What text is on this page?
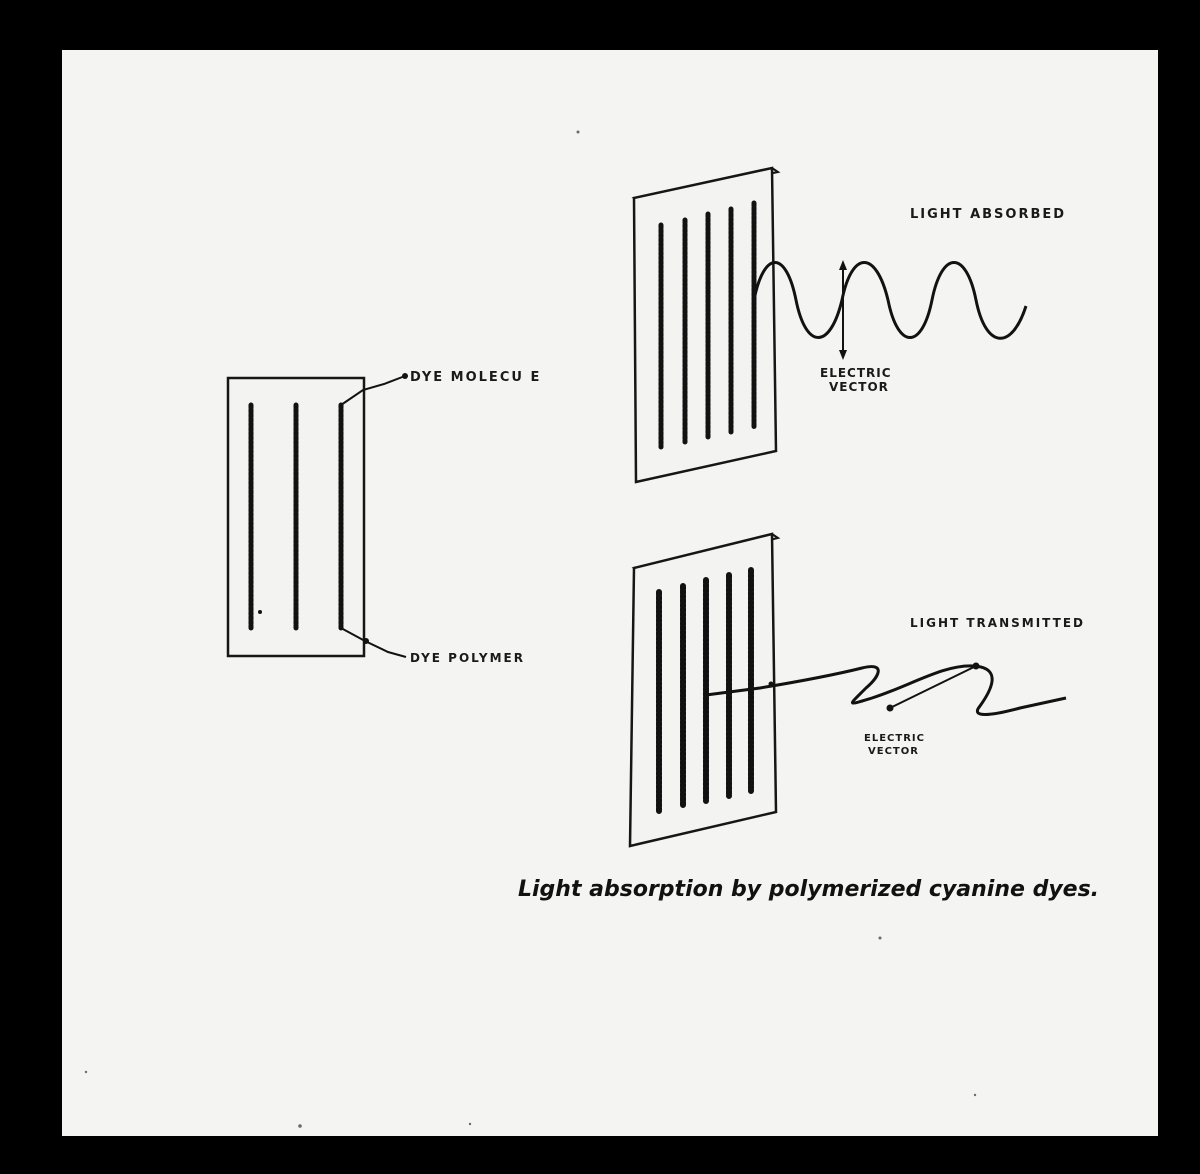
DYE MOLECU E
DYE POLYMER
LIGHT ABSORBED
ELECTRIC
VECTOR
LIGHT TRANSMITTED
ELECTRIC
VECTOR
Light absorption by polymerized cyanine dyes.
